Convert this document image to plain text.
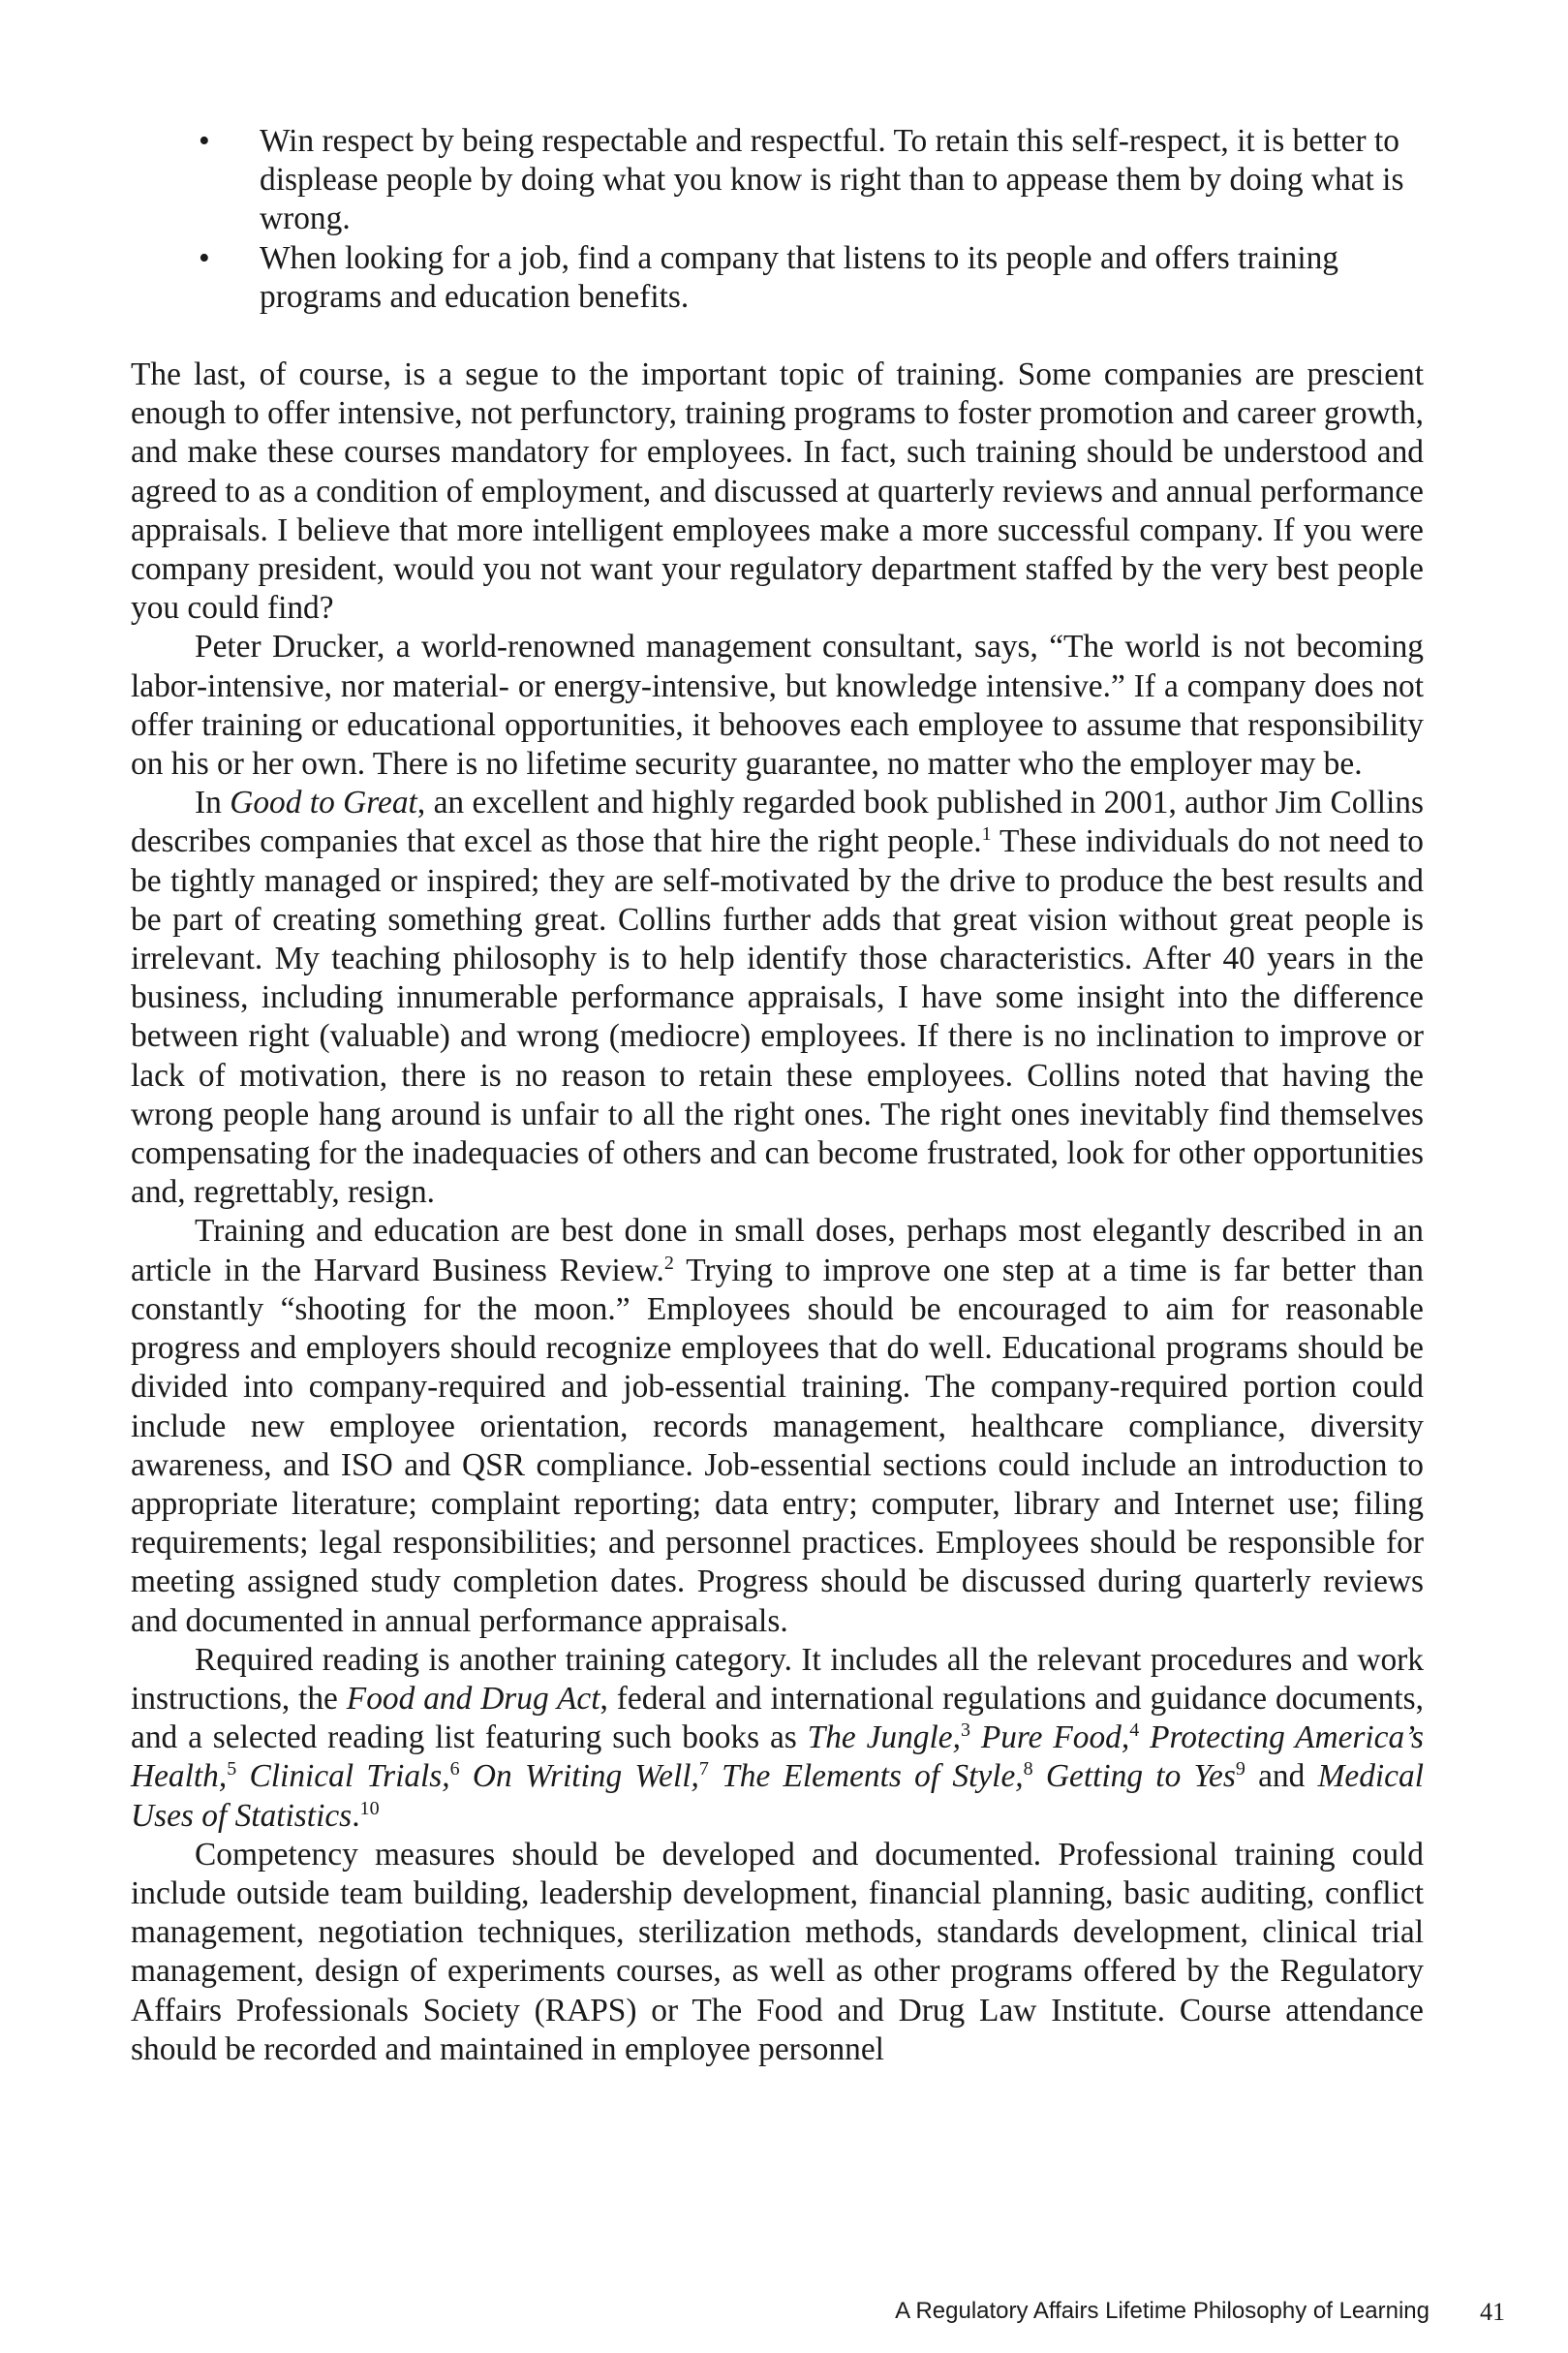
• Win respect by being respectable and respectful. To retain this self-respect, it is better to displease people by doing what you know is right than to appease them by doing what is wrong.
• When looking for a job, find a company that listens to its people and offers training programs and education benefits.

The last, of course, is a segue to the important topic of training. Some companies are prescient enough to offer intensive, not perfunctory, training programs to foster promotion and career growth, and make these courses mandatory for employees. In fact, such training should be understood and agreed to as a condition of employment, and discussed at quarterly reviews and annual performance appraisals. I believe that more intelligent employees make a more successful company. If you were company president, would you not want your regulatory department staffed by the very best people you could find?

Peter Drucker, a world-renowned management consultant, says, “The world is not becoming labor-intensive, nor material- or energy-intensive, but knowledge intensive.” If a company does not offer training or educational opportunities, it behooves each employee to assume that responsibility on his or her own. There is no lifetime security guarantee, no matter who the employer may be.

In Good to Great, an excellent and highly regarded book published in 2001, author Jim Collins describes companies that excel as those that hire the right people.$^1$ These individuals do not need to be tightly managed or inspired; they are self-motivated by the drive to produce the best results and be part of creating something great. Collins further adds that great vision without great people is irrelevant. My teaching philosophy is to help identify those characteristics. After 40 years in the business, including innumerable performance appraisals, I have some insight into the difference between right (valuable) and wrong (mediocre) employees. If there is no inclination to improve or lack of motivation, there is no reason to retain these employees. Collins noted that having the wrong people hang around is unfair to all the right ones. The right ones inevitably find themselves compensating for the inadequacies of others and can become frustrated, look for other opportunities and, regrettably, resign.

Training and education are best done in small doses, perhaps most elegantly described in an article in the Harvard Business Review.$^2$ Trying to improve one step at a time is far better than constantly “shooting for the moon.” Employees should be encouraged to aim for reasonable progress and employers should recognize employees that do well. Educational programs should be divided into company-required and job-essential training. The company-required portion could include new employee orientation, records management, healthcare compliance, diversity awareness, and ISO and QSR compliance. Job-essential sections could include an introduction to appropriate literature; complaint reporting; data entry; computer, library and Internet use; filing requirements; legal responsibilities; and personnel practices. Employees should be responsible for meeting assigned study completion dates. Progress should be discussed during quarterly reviews and documented in annual performance appraisals.

Required reading is another training category. It includes all the relevant procedures and work instructions, the Food and Drug Act, federal and international regulations and guidance documents, and a selected reading list featuring such books as The Jungle,$^3$ Pure Food,$^4$ Protecting America’s Health,$^5$ Clinical Trials,$^6$ On Writing Well,$^7$ The Elements of Style,$^8$ Getting to Yes$^9$ and Medical Uses of Statistics.$^{10}$

Competency measures should be developed and documented. Professional training could include outside team building, leadership development, financial planning, basic auditing, conflict management, negotiation techniques, sterilization methods, standards development, clinical trial management, design of experiments courses, as well as other programs offered by the Regulatory Affairs Professionals Society (RAPS) or The Food and Drug Law Institute. Course attendance should be recorded and maintained in employee personnel

A Regulatory Affairs Lifetime Philosophy of Learning 41
